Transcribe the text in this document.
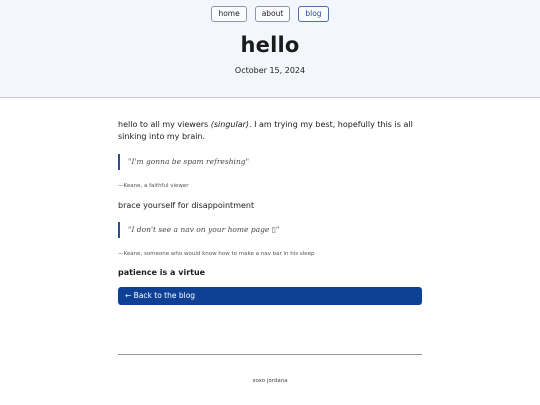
home	about	blog
hello
October 15, 2024

hello to all my viewers (singular). I am trying my best, hopefully this is all sinking into my brain.

"I'm gonna be spam refreshing"
—Keane, a faithful viewer

brace yourself for disappointment

"I don't see a nav on your home page ▯"
—Keane, someone who would know how to make a nav bar in his sleep

patience is a virtue

← Back to the blog
xoxo jordana
